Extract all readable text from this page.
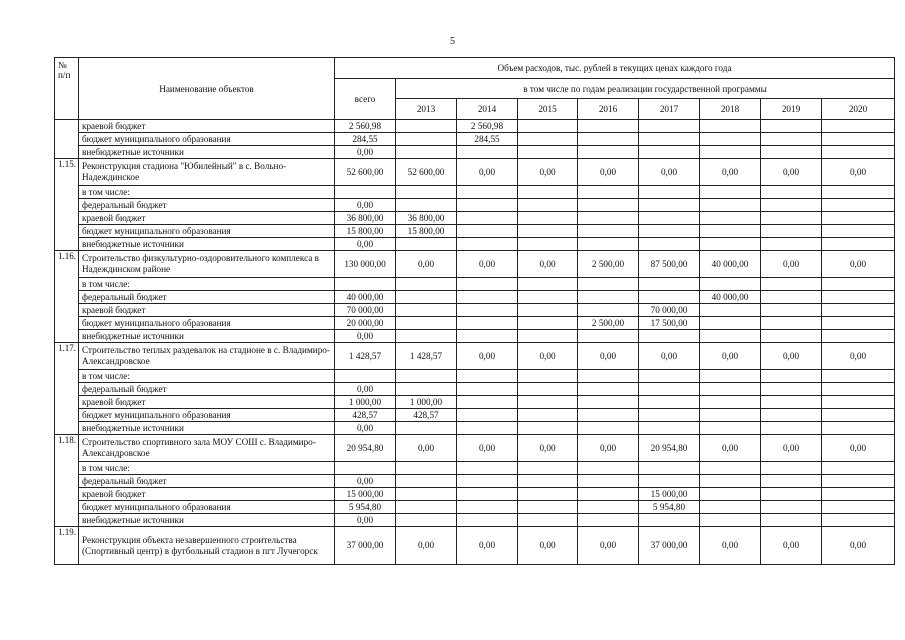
5
№
п/п	Наименование объектов	Объем расходов, тыс. рублей в текущих ценах каждого года								
		всего	в том числе по годам реализации государственной программы							
			2013	2014	2015	2016	2017	2018	2019	2020
	краевой бюджет	2 560,98		2 560,98						
	бюджет муниципального образования	284,55		284,55						
	внебюджетные источники	0,00								
1.15.	Реконструкция стадиона "Юбилейный" в с. Вольно-Надеждинское	52 600,00	52 600,00	0,00	0,00	0,00	0,00	0,00	0,00	0,00
	в том числе:									
	федеральный бюджет	0,00								
	краевой бюджет	36 800,00	36 800,00							
	бюджет муниципального образования	15 800,00	15 800,00							
	внебюджетные источники	0,00								
1.16.	Строительство физкультурно-оздоровительного комплекса в Надеждинском районе	130 000,00	0,00	0,00	0,00	2 500,00	87 500,00	40 000,00	0,00	0,00
	в том числе:									
	федеральный бюджет	40 000,00						40 000,00		
	краевой бюджет	70 000,00					70 000,00			
	бюджет муниципального образования	20 000,00				2 500,00	17 500,00			
	внебюджетные источники	0,00								
1.17.	Строительство теплых раздевалок на стадионе в с. Владимиро-Александровское	1 428,57	1 428,57	0,00	0,00	0,00	0,00	0,00	0,00	0,00
	в том числе:									
	федеральный бюджет	0,00								
	краевой бюджет	1 000,00	1 000,00							
	бюджет муниципального образования	428,57	428,57							
	внебюджетные источники	0,00								
1.18.	Строительство спортивного зала МОУ СОШ с. Владимиро-Александровское	20 954,80	0,00	0,00	0,00	0,00	20 954,80	0,00	0,00	0,00
	в том числе:									
	федеральный бюджет	0,00								
	краевой бюджет	15 000,00					15 000,00			
	бюджет муниципального образования	5 954,80					5 954,80			
	внебюджетные источники	0,00								
1.19.	Реконструкция объекта незавершенного строительства (Спортивный центр) в футбольный стадион в пгт Лучегорск	37 000,00	0,00	0,00	0,00	0,00	37 000,00	0,00	0,00	0,00
